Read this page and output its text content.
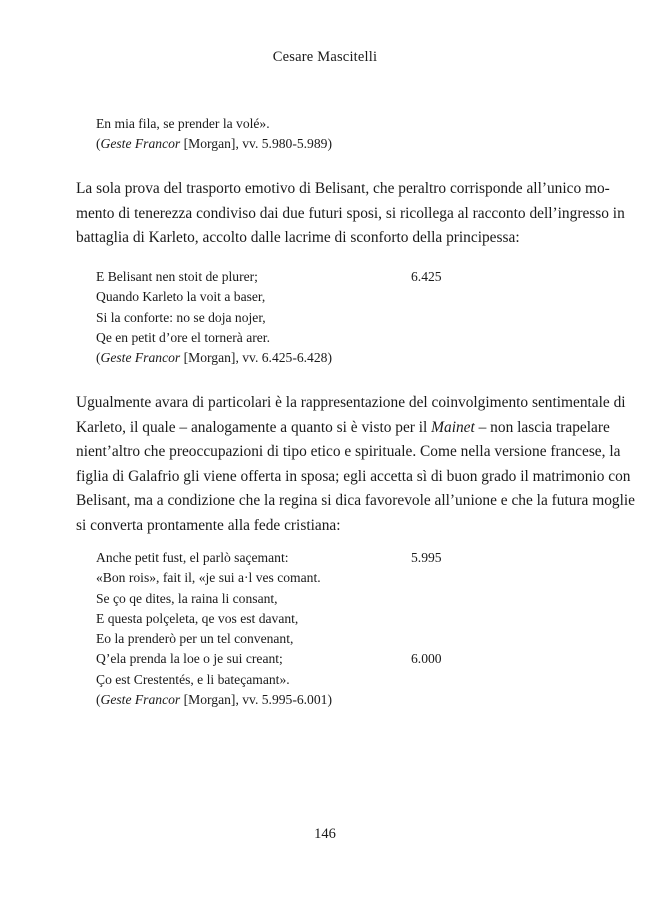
Cesare Mascitelli
En mia fila, se prender la volé».
(Geste Francor [Morgan], vv. 5.980-5.989)
La sola prova del trasporto emotivo di Belisant, che peraltro corrisponde all’unico mo-
mento di tenerezza condiviso dai due futuri sposi, si ricollega al racconto dell’ingresso in
battaglia di Karleto, accolto dalle lacrime di sconforto della principessa:
E Belisant nen stoit de plurer;	6.425
Quando Karleto la voit a baser,
Si la conforte: no se doja nojer,
Qe en petit d’ore el tornerà arer.
(Geste Francor [Morgan], vv. 6.425-6.428)
Ugualmente avara di particolari è la rappresentazione del coinvolgimento sentimentale di
Karleto, il quale – analogamente a quanto si è visto per il Mainet – non lascia trapelare
nient’altro che preoccupazioni di tipo etico e spirituale. Come nella versione francese, la
figlia di Galafrio gli viene offerta in sposa; egli accetta sì di buon grado il matrimonio con
Belisant, ma a condizione che la regina si dica favorevole all’unione e che la futura moglie
si converta prontamente alla fede cristiana:
Anche petit fust, el parlò saçemant:	5.995
«Bon rois», fait il, «je sui a·l ves comant.
Se ço qe dites, la raina li consant,
E questa polçeleta, qe vos est davant,
Eo la prenderò per un tel convenant,
Q’ela prenda la loe o je sui creant;	6.000
Ço est Crestentés, e li bateçamant».
(Geste Francor [Morgan], vv. 5.995-6.001)
146
